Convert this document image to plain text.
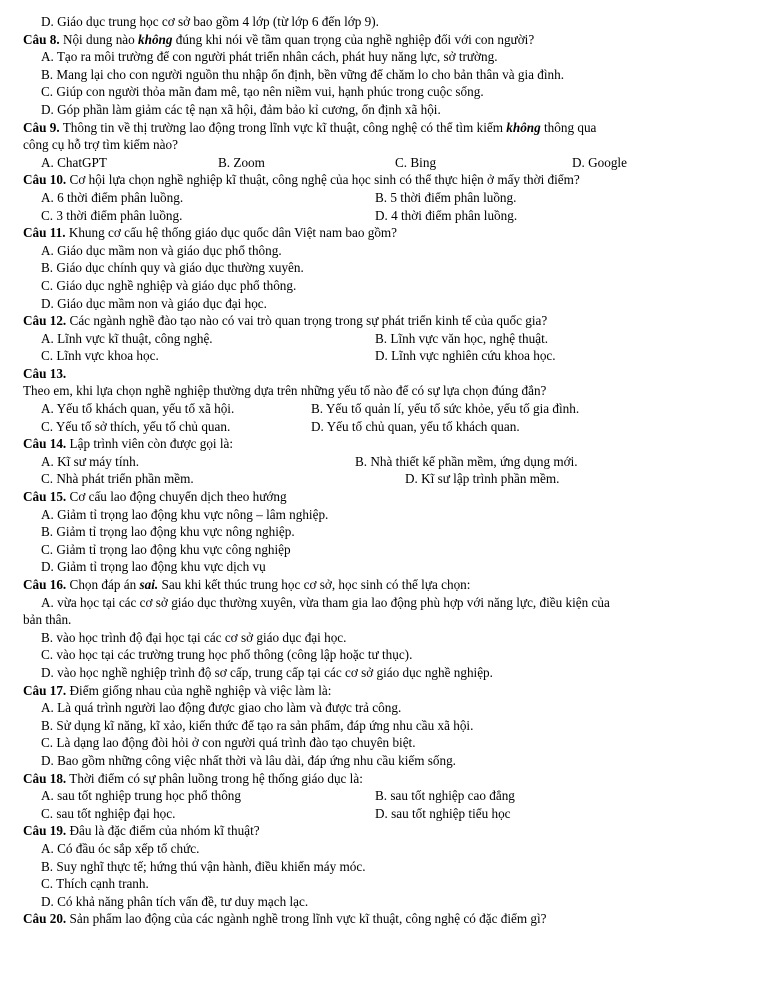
D. Giáo dục trung học cơ sở bao gồm 4 lớp (từ lớp 6 đến lớp 9).

Câu 8. Nội dung nào không đúng khi nói về tầm quan trọng của nghề nghiệp đối với con người?

A. Tạo ra môi trường để con người phát triển nhân cách, phát huy năng lực, sở trường.

B. Mang lại cho con người nguồn thu nhập ổn định, bền vững để chăm lo cho bản thân và gia đình.

C. Giúp con người thỏa mãn đam mê, tạo nên niềm vui, hạnh phúc trong cuộc sống.

D. Góp phần làm giảm các tệ nạn xã hội, đảm bảo kỉ cương, ổn định xã hội.

Câu 9. Thông tin về thị trường lao động trong lĩnh vực kĩ thuật, công nghệ có thể tìm kiếm không thông qua

công cụ hỗ trợ tìm kiếm nào?

A. ChatGPT	B. Zoom	C. Bing	D. Google

Câu 10. Cơ hội lựa chọn nghề nghiệp kĩ thuật, công nghệ của học sinh có thể thực hiện ở mấy thời điểm?

A. 6 thời điểm phân luồng.	B. 5 thời điểm phân luồng.
C. 3 thời điểm phân luồng.	D. 4 thời điểm phân luồng.

Câu 11. Khung cơ cấu hệ thống giáo dục quốc dân Việt nam bao gồm?

A. Giáo dục mầm non và giáo dục phổ thông.

B. Giáo dục chính quy và giáo dục thường xuyên.

C. Giáo dục nghề nghiệp và giáo dục phổ thông.

D. Giáo dục mầm non và giáo dục đại học.

Câu 12. Các ngành nghề đào tạo nào có vai trò quan trọng trong sự phát triển kinh tế của quốc gia?

A. Lĩnh vực kĩ thuật, công nghệ.	B. Lĩnh vực văn học, nghệ thuật.
C. Lĩnh vực khoa học.	D. Lĩnh vực nghiên cứu khoa học.

Câu 13.

Theo em, khi lựa chọn nghề nghiệp thường dựa trên những yếu tố nào để có sự lựa chọn đúng đắn?

A. Yếu tố khách quan, yếu tố xã hội.	B. Yếu tố quản lí, yếu tố sức khỏe, yếu tố gia đình.
C. Yếu tố sở thích, yếu tố chủ quan.	D. Yếu tố chủ quan, yếu tố khách quan.

Câu 14. Lập trình viên còn được gọi là:

A. Kĩ sư máy tính.	B. Nhà thiết kế phần mềm, ứng dụng mới.
C. Nhà phát triển phần mềm.	D. Kĩ sư lập trình phần mềm.

Câu 15. Cơ cấu lao động chuyển dịch theo hướng

A. Giảm tỉ trọng lao động khu vực nông – lâm nghiệp.

B. Giảm tỉ trọng lao động khu vực nông nghiệp.

C. Giảm tỉ trọng lao động khu vực công nghiệp

D. Giảm tỉ trọng lao động khu vực dịch vụ

Câu 16. Chọn đáp án sai. Sau khi kết thúc trung học cơ sở, học sinh có thể lựa chọn:

A. vừa học tại các cơ sở giáo dục thường xuyên, vừa tham gia lao động phù hợp với năng lực, điều kiện của

bản thân.

B. vào học trình độ đại học tại các cơ sở giáo dục đại học.

C. vào học tại các trường trung học phổ thông (công lập hoặc tư thục).

D. vào học nghề nghiệp trình độ sơ cấp, trung cấp tại các cơ sở giáo dục nghề nghiệp.

Câu 17. Điểm giống nhau của nghề nghiệp và việc làm là:

A. Là quá trình người lao động được giao cho làm và được trả công.

B. Sử dụng kĩ năng, kĩ xảo, kiến thức để tạo ra sản phẩm, đáp ứng nhu cầu xã hội.

C. Là dạng lao động đòi hỏi ở con người quá trình đào tạo chuyên biệt.

D. Bao gồm những công việc nhất thời và lâu dài, đáp ứng nhu cầu kiếm sống.

Câu 18. Thời điểm có sự phân luồng trong hệ thống giáo dục là:

A. sau tốt nghiệp trung học phổ thông	B. sau tốt nghiệp cao đẳng
C. sau tốt nghiệp đại học.	D. sau tốt nghiệp tiểu học

Câu 19. Đâu là đặc điểm của nhóm kĩ thuật?

A. Có đầu óc sắp xếp tổ chức.

B. Suy nghĩ thực tế; hứng thú vận hành, điều khiển máy móc.

C. Thích cạnh tranh.

D. Có khả năng phân tích vấn đề, tư duy mạch lạc.

Câu 20. Sản phẩm lao động của các ngành nghề trong lĩnh vực kĩ thuật, công nghệ có đặc điểm gì?
